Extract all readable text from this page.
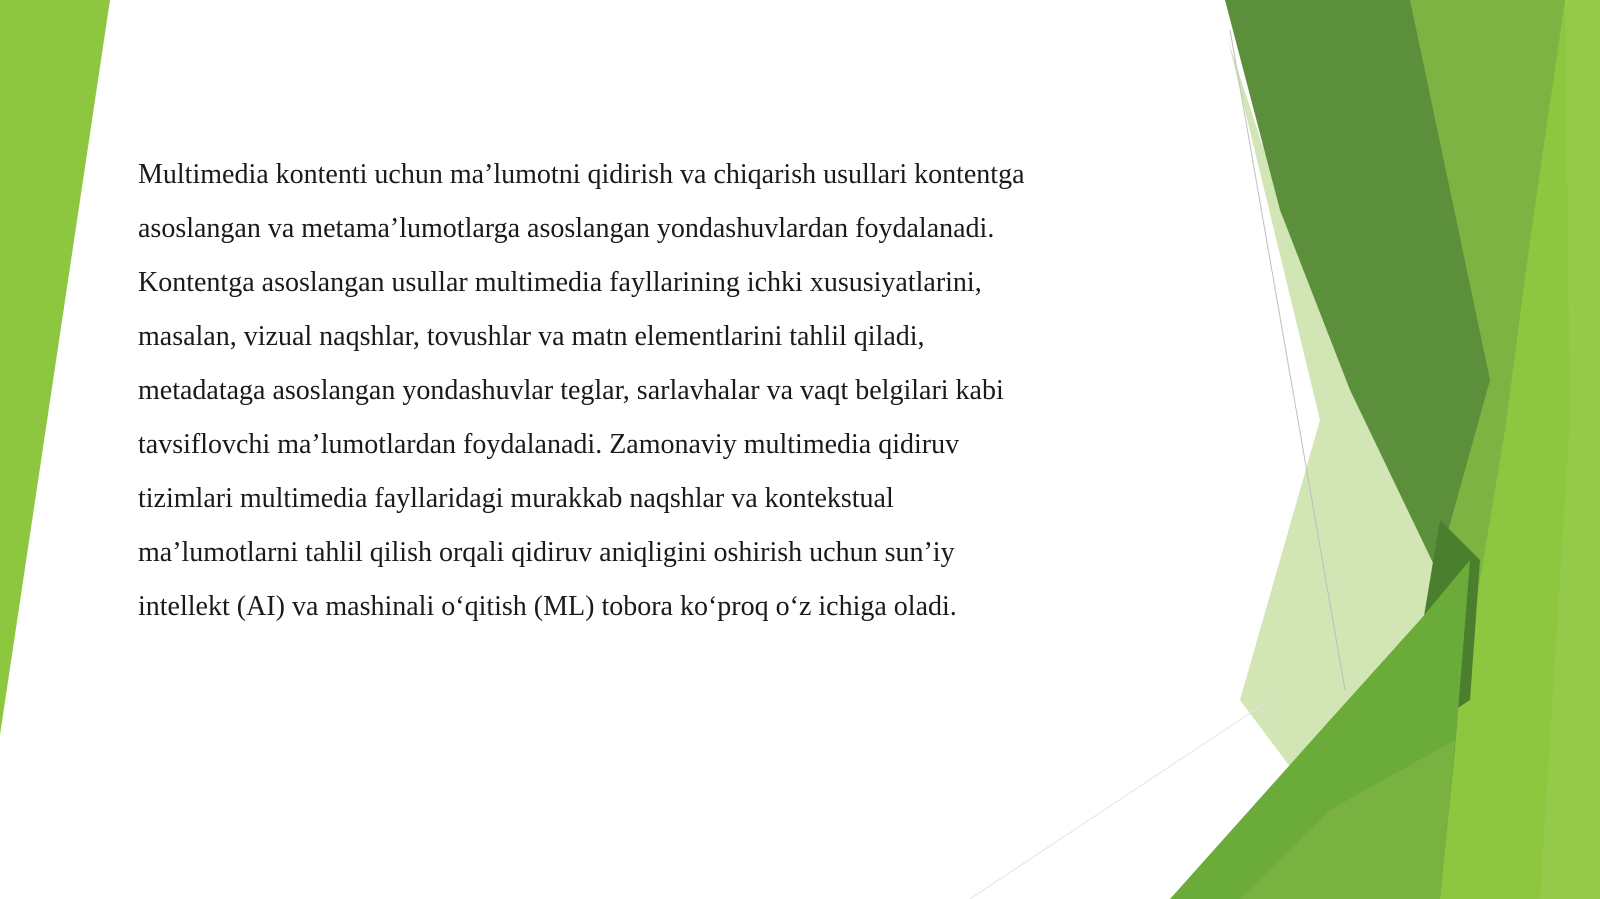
Multimedia kontenti uchun ma’lumotni qidirish va chiqarish usullari kontentga
asoslangan va metama’lumotlarga asoslangan yondashuvlardan foydalanadi.
Kontentga asoslangan usullar multimedia fayllarining ichki xususiyatlarini,
masalan, vizual naqshlar, tovushlar va matn elementlarini tahlil qiladi,
metadataga asoslangan yondashuvlar teglar, sarlavhalar va vaqt belgilari kabi
tavsiflovchi ma’lumotlardan foydalanadi. Zamonaviy multimedia qidiruv
tizimlari multimedia fayllaridagi murakkab naqshlar va kontekstual
ma’lumotlarni tahlil qilish orqali qidiruv aniqligini oshirish uchun sun’iy
intellekt (AI) va mashinali o‘qitish (ML) tobora ko‘proq o‘z ichiga oladi.
